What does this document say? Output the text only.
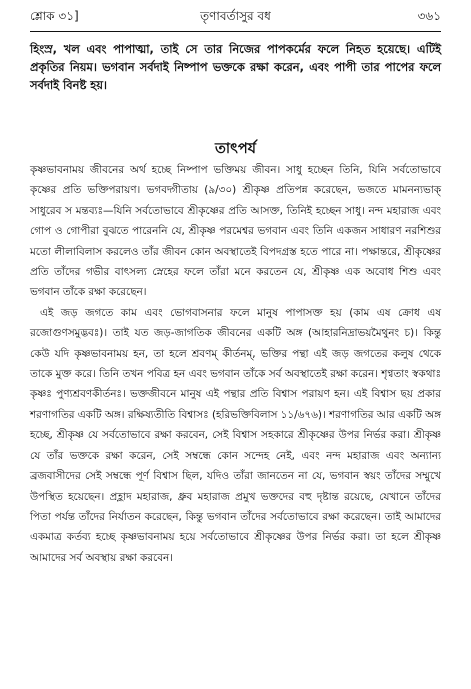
তৃণাবর্তাসুর বধ
শ্লোক ৩১]	৩৬১
হিংস্র, খল এবং পাপাত্মা, তাই সে তার নিজের পাপকর্মের ফলে নিহত হয়েছে। এটিই প্রকৃতির নিয়ম। ভগবান সর্বদাই নিষ্পাপ ভক্তকে রক্ষা করেন, এবং পাপী তার পাপের ফলে সর্বদাই বিনষ্ট হয়।
তাৎপর্য

কৃষ্ণভাবনাময় জীবনের অর্থ হচ্ছে নিষ্পাপ ভক্তিময় জীবন। সাধু হচ্ছেন তিনি, যিনি সর্বতোভাবে কৃষ্ণের প্রতি ভক্তিপরায়ণ। ভগবদ্গীতায় (৯/৩০) শ্রীকৃষ্ণ প্রতিপন্ন করেছেন, ভজতে মামনন্যভাক্ সাধুরেব স মন্তব্যঃ—যিনি সর্বতোভাবে শ্রীকৃষ্ণের প্রতি আসক্ত, তিনিই হচ্ছেন সাধু। নন্দ মহারাজ এবং গোপ ও গোপীরা বুঝতে পারেননি যে, শ্রীকৃষ্ণ পরমেশ্বর ভগবান এবং তিনি একজন সাধারণ নরশিশুর মতো লীলাবিলাস করলেও তাঁর জীবন কোন অবস্থাতেই বিপদগ্রস্ত হতে পারে না। পক্ষান্তরে, শ্রীকৃষ্ণের প্রতি তাঁদের গভীর বাৎসল্য স্নেহের ফলে তাঁরা মনে করতেন যে, শ্রীকৃষ্ণ এক অবোধ শিশু এবং ভগবান তাঁকে রক্ষা করেছেন।

এই জড় জগতে কাম এবং ভোগবাসনার ফলে মানুষ পাপাসক্ত হয় (কাম এষ ক্রোধ এষ রজোগুণসমুদ্ভবঃ)। তাই যত জড়-জাগতিক জীবনের একটি অঙ্গ (আহারনিদ্রাভয়মৈথুনং চ)। কিন্তু কেউ যদি কৃষ্ণভাবনাময় হন, তা হলে শ্রবণম্ কীর্তনম্, ভক্তির পন্থা এই জড় জগতের কলুষ থেকে তাকে মুক্ত করে। তিনি তখন পবিত্র হন এবং ভগবান তাঁকে সর্ব অবস্থাতেই রক্ষা করেন। শৃণ্বতাং স্বকথাঃ কৃষ্ণঃ পুণ্যশ্রবণকীর্তনঃ। ভক্তজীবনে মানুষ এই পন্থার প্রতি বিশ্বাস পরায়ণ হন। এই বিশ্বাস ছয় প্রকার শরণাগতির একটি অঙ্গ। রক্ষিষ্যতীতি বিশ্বাসঃ (হরিভক্তিবিলাস ১১/৬৭৬)। শরণাগতির আর একটি অঙ্গ হচ্ছে, শ্রীকৃষ্ণ যে সর্বতোভাবে রক্ষা করবেন, সেই বিশ্বাস সহকারে শ্রীকৃষ্ণের উপর নির্ভর করা। শ্রীকৃষ্ণ যে তাঁর ভক্তকে রক্ষা করেন, সেই সম্বন্ধে কোন সন্দেহ নেই, এবং নন্দ মহারাজ এবং অন্যান্য ব্রজবাসীদের সেই সম্বন্ধে পূর্ণ বিশ্বাস ছিল, যদিও তাঁরা জানতেন না যে, ভগবান স্বয়ং তাঁদের সম্মুখে উপস্থিত হয়েছেন। প্রহ্লাদ মহারাজ, ধ্রুব মহারাজ প্রমুখ ভক্তদের বহু দৃষ্টান্ত রয়েছে, যেখানে তাঁদের পিতা পর্যন্ত তাঁদের নির্যাতন করেছেন, কিন্তু ভগবান তাঁদের সর্বতোভাবে রক্ষা করেছেন। তাই আমাদের একমাত্র কর্তব্য হচ্ছে কৃষ্ণভাবনাময় হয়ে সর্বতোভাবে শ্রীকৃষ্ণের উপর নির্ভর করা। তা হলে শ্রীকৃষ্ণ আমাদের সর্ব অবস্থায় রক্ষা করবেন।
